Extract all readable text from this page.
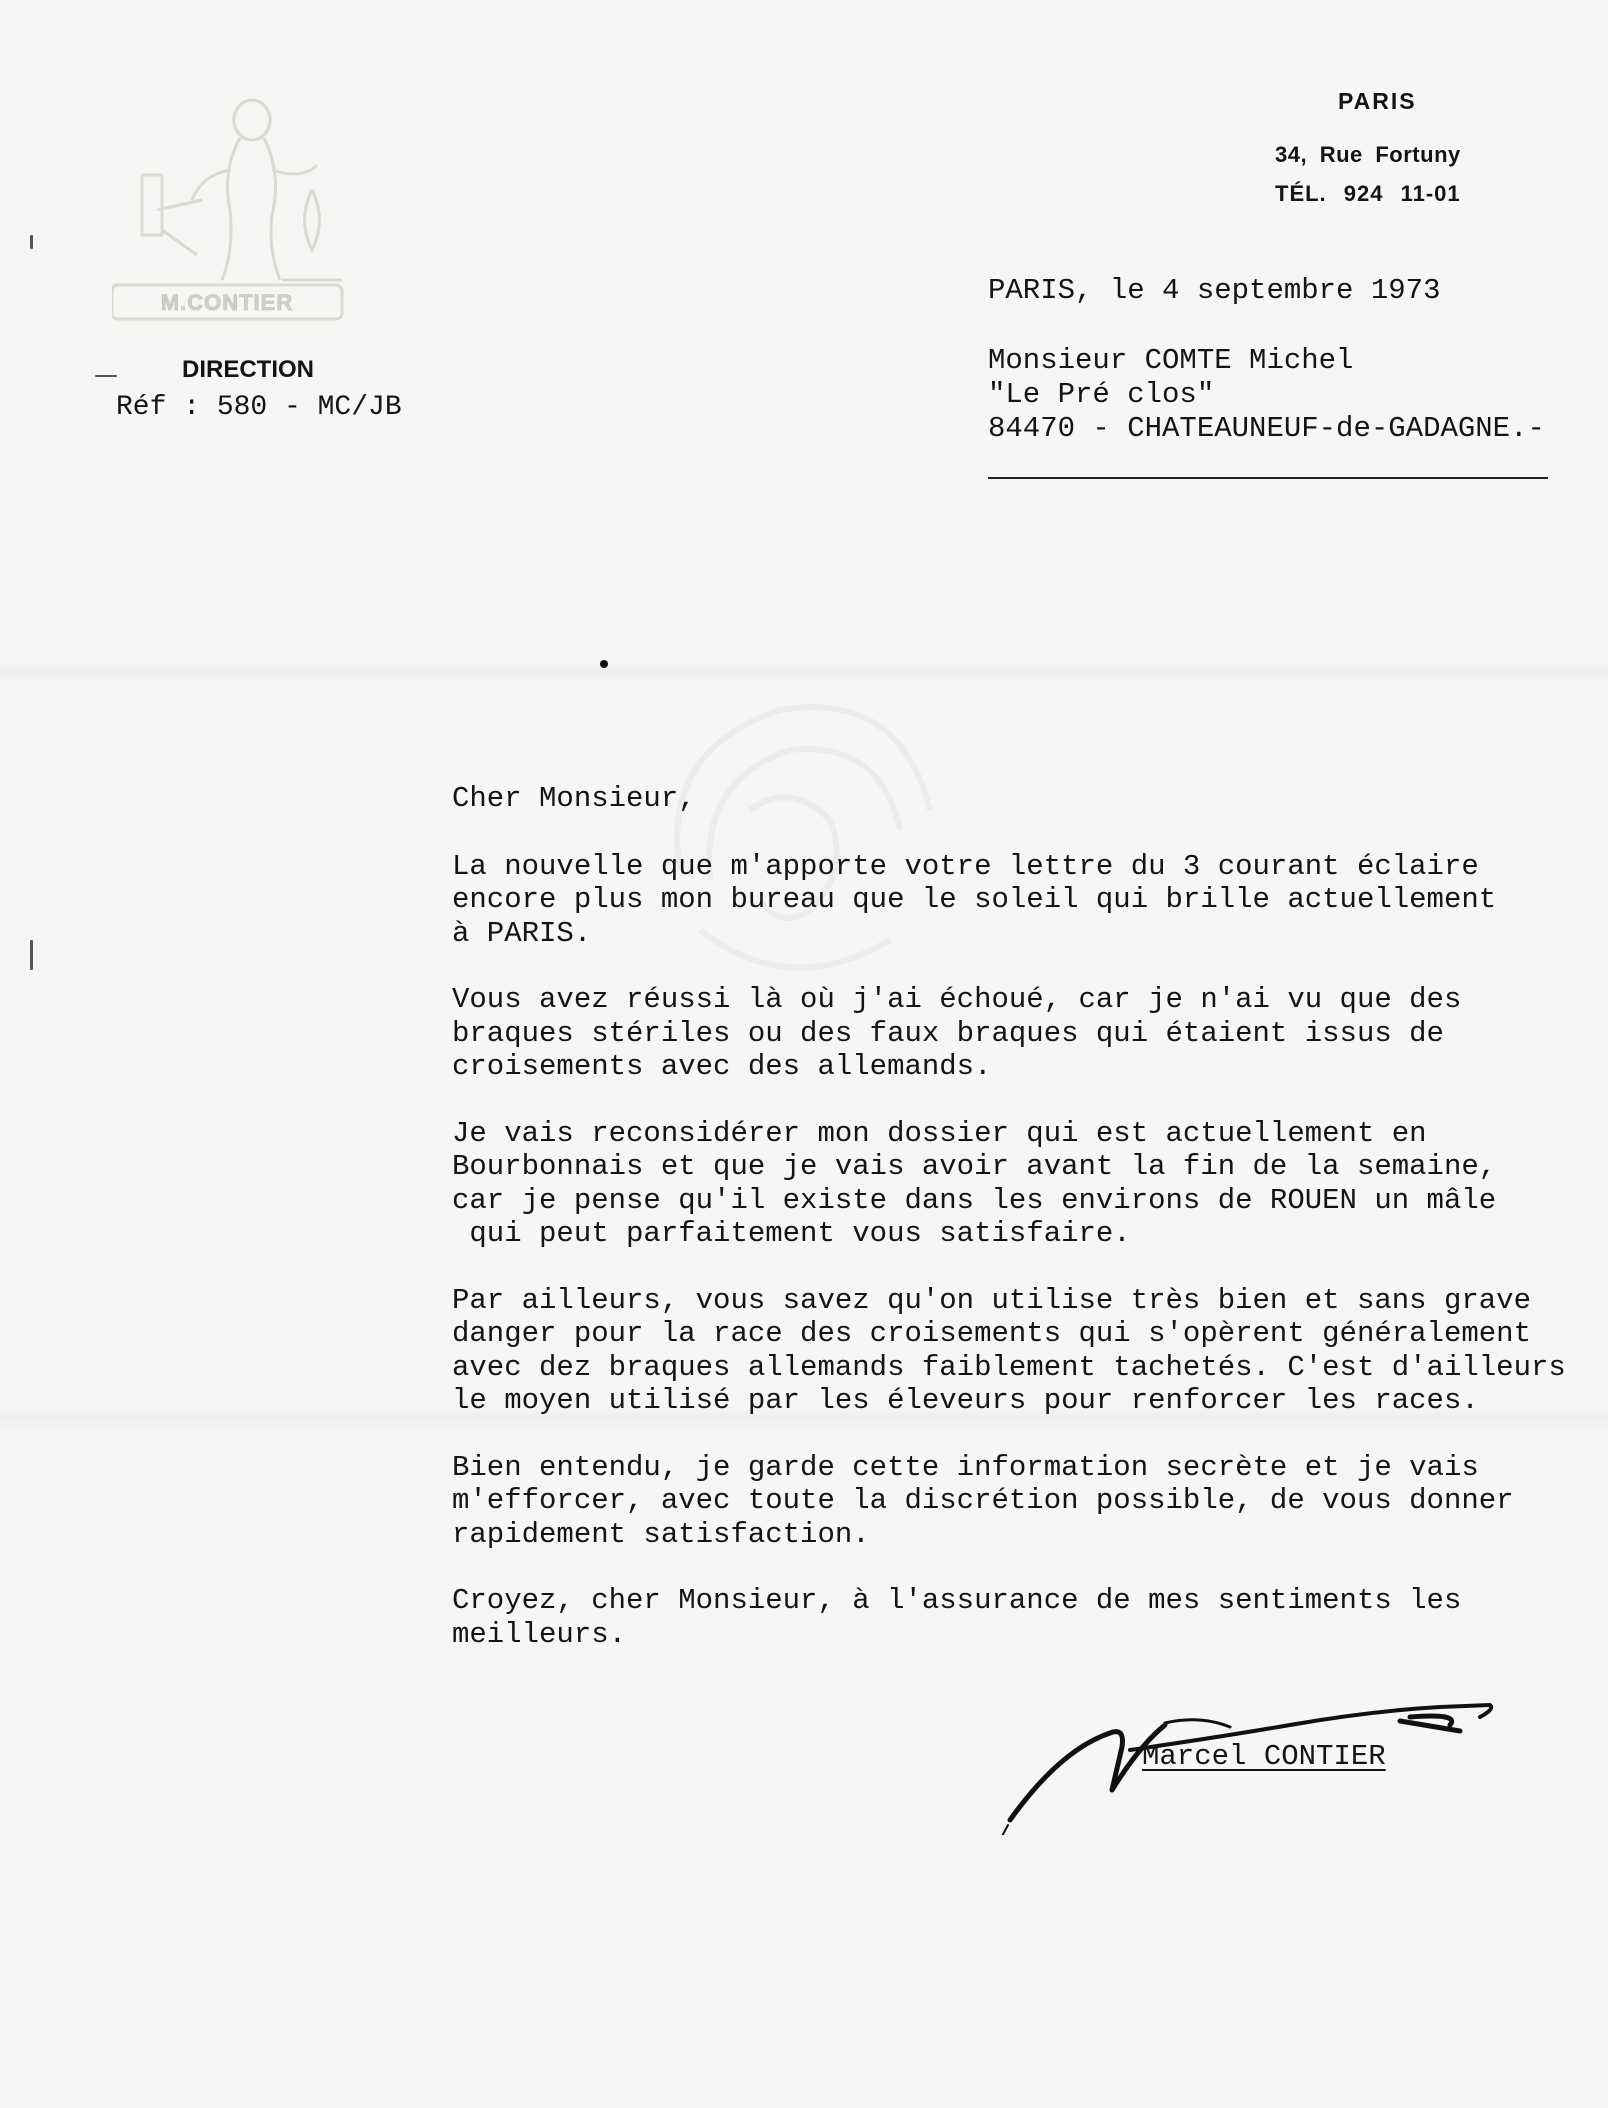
M.CONTIER
PARIS
34, Rue Fortuny
TÉL. 924 11-01
DIRECTION
Réf : 580 - MC/JB
PARIS, le 4 septembre 1973
Monsieur COMTE Michel
"Le Pré clos"
84470 - CHATEAUNEUF-de-GADAGNE.-
Cher Monsieur,
La nouvelle que m'apporte votre lettre du 3 courant éclaire
encore plus mon bureau que le soleil qui brille actuellement
à PARIS.
Vous avez réussi là où j'ai échoué, car je n'ai vu que des
braques stériles ou des faux braques qui étaient issus de
croisements avec des allemands.
Je vais reconsidérer mon dossier qui est actuellement en
Bourbonnais et que je vais avoir avant la fin de la semaine,
car je pense qu'il existe dans les environs de ROUEN un mâle
qui peut parfaitement vous satisfaire.
Par ailleurs, vous savez qu'on utilise très bien et sans grave
danger pour la race des croisements qui s'opèrent généralement
avec dez braques allemands faiblement tachetés. C'est d'ailleurs
le moyen utilisé par les éleveurs pour renforcer les races.
Bien entendu, je garde cette information secrète et je vais
m'efforcer, avec toute la discrétion possible, de vous donner
rapidement satisfaction.
Croyez, cher Monsieur, à l'assurance de mes sentiments les
meilleurs.
Marcel CONTIER
